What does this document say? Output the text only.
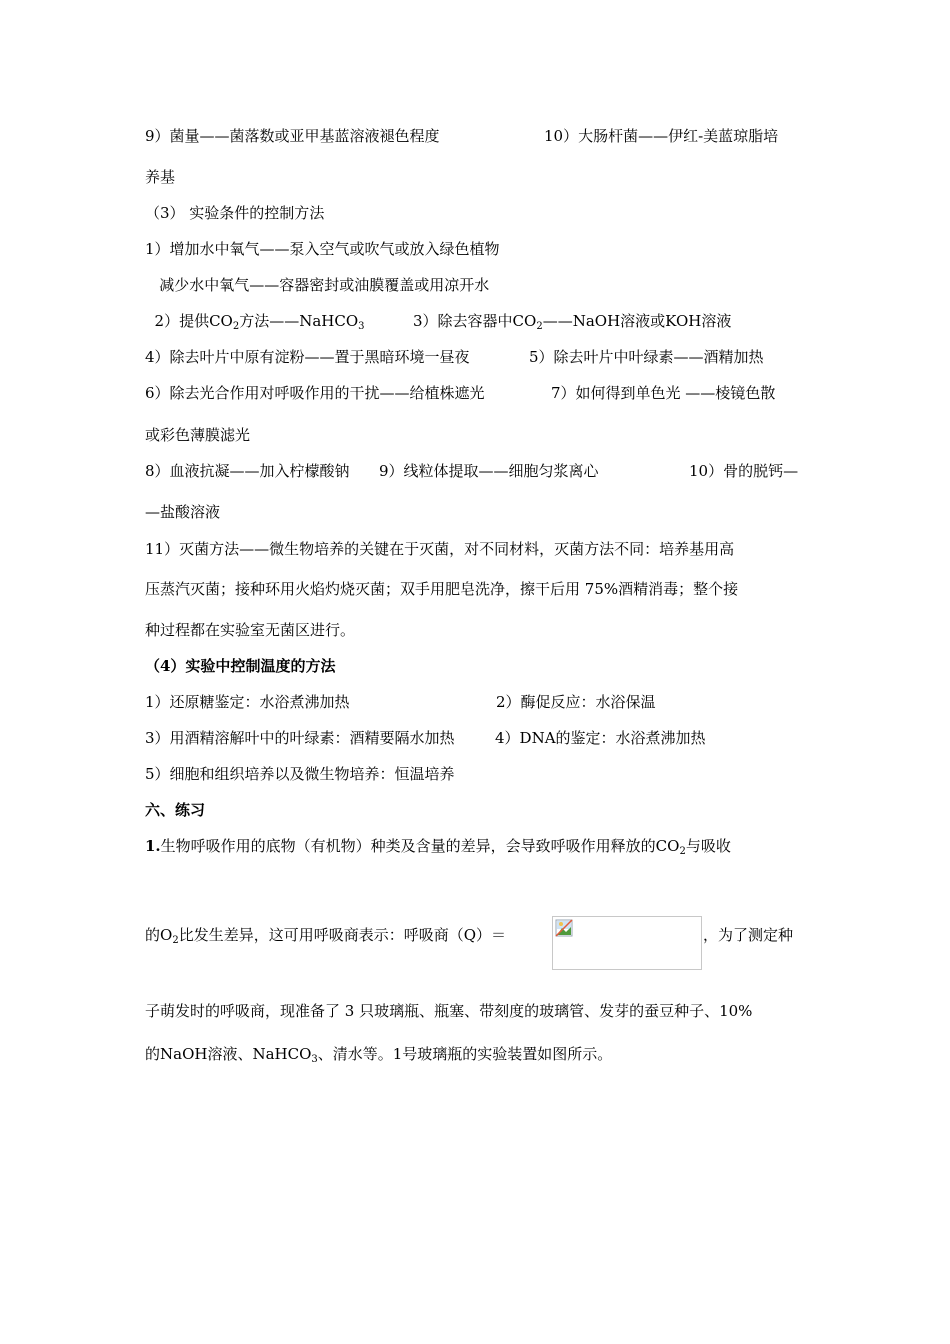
9）菌量——菌落数或亚甲基蓝溶液褪色程度	10）大肠杆菌——伊红-美蓝琼脂培
养基
（3） 实验条件的控制方法
1）增加水中氧气——泵入空气或吹气或放入绿色植物
减少水中氧气——容器密封或油膜覆盖或用凉开水
2）提供$CO_2$方法——NaHCO$_3$	3）除去容器中$CO_2——NaOH$溶液或KOH溶液
4）除去叶片中原有淀粉——置于黑暗环境一昼夜	5）除去叶片中叶绿素——酒精加热
6）除去光合作用对呼吸作用的干扰——给植株遮光	7）如何得到单色光 ——棱镜色散
或彩色薄膜滤光
8）血液抗凝——加入柠檬酸钠 9）线粒体提取——细胞匀浆离心	10）骨的脱钙—
—盐酸溶液
11）灭菌方法——微生物培养的关键在于灭菌，对不同材料，灭菌方法不同：培养基用高
压蒸汽灭菌；接种环用火焰灼烧灭菌；双手用肥皂洗净，擦干后用 75%酒精消毒；整个接
种过程都在实验室无菌区进行。
（4）实验中控制温度的方法
1）还原糖鉴定：水浴煮沸加热	2）酶促反应：水浴保温
3）用酒精溶解叶中的叶绿素：酒精要隔水加热	4）DNA的鉴定：水浴煮沸加热
5）细胞和组织培养以及微生物培养：恒温培养
六、练习
1.生物呼吸作用的底物（有机物）种类及含量的差异，会导致呼吸作用释放的$CO_2$与吸收
的$O_2$比发生差异，这可用呼吸商表示：呼吸商（Q）＝	，为了测定种
子萌发时的呼吸商，现准备了 3 只玻璃瓶、瓶塞、带刻度的玻璃管、发芽的蚕豆种子、10%
的NaOH溶液、NaHCO$_3$、清水等。1号玻璃瓶的实验装置如图所示。
